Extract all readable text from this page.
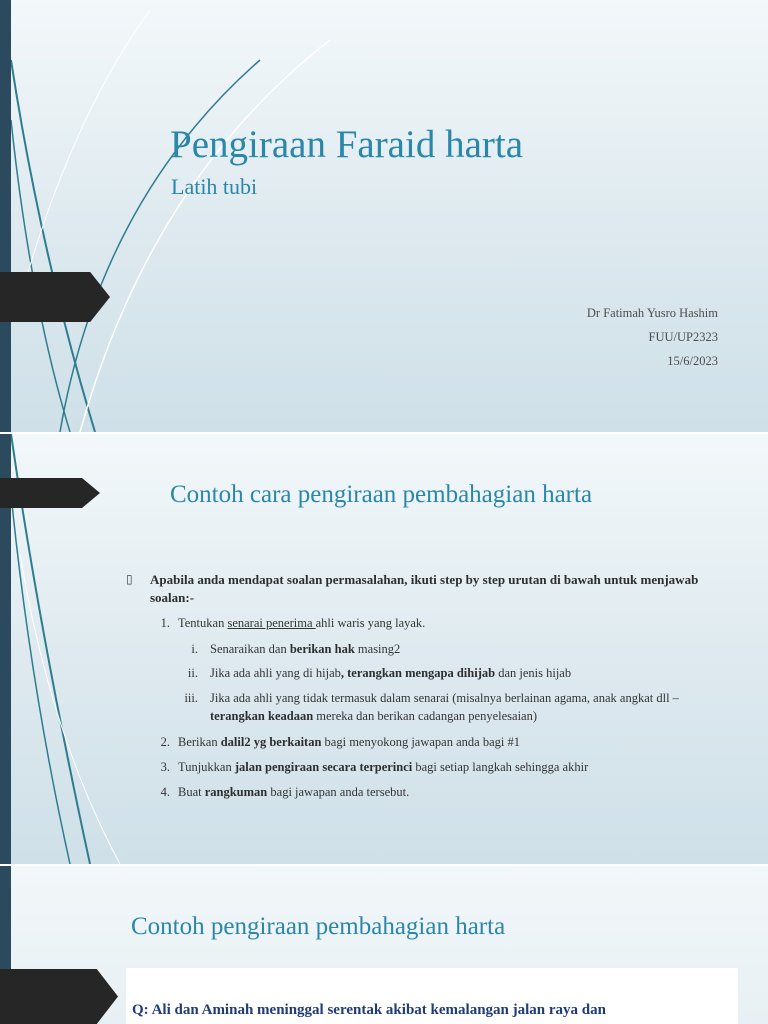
Pengiraan Faraid harta
Latih tubi
Dr Fatimah Yusro Hashim
FUU/UP2323
15/6/2023
Contoh cara pengiraan pembahagian harta
▯	Apabila anda mendapat soalan permasalahan, ikuti step by step urutan di bawah untuk menjawab soalan:-
1. Tentukan senarai penerima ahli waris yang layak.
i. Senaraikan dan berikan hak masing2
ii. Jika ada ahli yang di hijab, terangkan mengapa dihijab dan jenis hijab
iii. Jika ada ahli yang tidak termasuk dalam senarai (misalnya berlainan agama, anak angkat dll – terangkan keadaan mereka dan berikan cadangan penyelesaian)
2. Berikan dalil2 yg berkaitan bagi menyokong jawapan anda bagi #1
3. Tunjukkan jalan pengiraan secara terperinci bagi setiap langkah sehingga akhir
4. Buat rangkuman bagi jawapan anda tersebut.
Contoh pengiraan pembahagian harta
Q: Ali dan Aminah meninggal serentak akibat kemalangan jalan raya dan
